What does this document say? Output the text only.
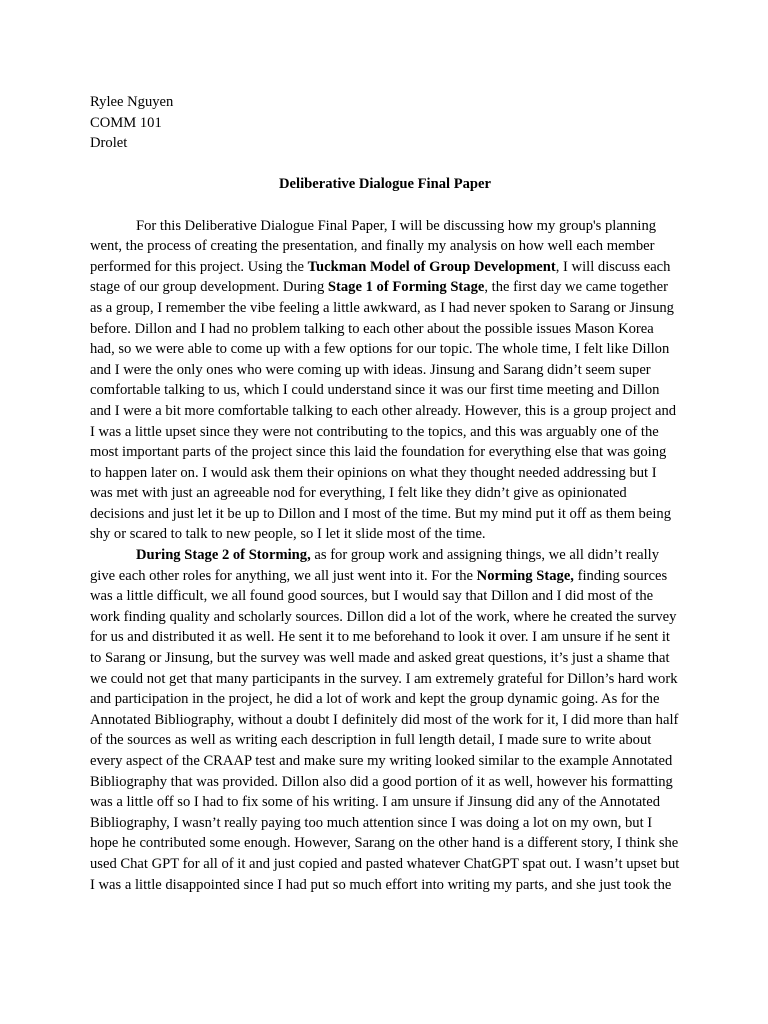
Rylee Nguyen

COMM 101

Drolet

Deliberative Dialogue Final Paper

For this Deliberative Dialogue Final Paper, I will be discussing how my group's planning went, the process of creating the presentation, and finally my analysis on how well each member performed for this project. Using the Tuckman Model of Group Development, I will discuss each stage of our group development. During Stage 1 of Forming Stage, the first day we came together as a group, I remember the vibe feeling a little awkward, as I had never spoken to Sarang or Jinsung before. Dillon and I had no problem talking to each other about the possible issues Mason Korea had, so we were able to come up with a few options for our topic. The whole time, I felt like Dillon and I were the only ones who were coming up with ideas. Jinsung and Sarang didn’t seem super comfortable talking to us, which I could understand since it was our first time meeting and Dillon and I were a bit more comfortable talking to each other already. However, this is a group project and I was a little upset since they were not contributing to the topics, and this was arguably one of the most important parts of the project since this laid the foundation for everything else that was going to happen later on. I would ask them their opinions on what they thought needed addressing but I was met with just an agreeable nod for everything, I felt like they didn’t give as opinionated decisions and just let it be up to Dillon and I most of the time. But my mind put it off as them being shy or scared to talk to new people, so I let it slide most of the time.

During Stage 2 of Storming, as for group work and assigning things, we all didn’t really give each other roles for anything, we all just went into it. For the Norming Stage, finding sources was a little difficult, we all found good sources, but I would say that Dillon and I did most of the work finding quality and scholarly sources. Dillon did a lot of the work, where he created the survey for us and distributed it as well. He sent it to me beforehand to look it over. I am unsure if he sent it to Sarang or Jinsung, but the survey was well made and asked great questions, it’s just a shame that we could not get that many participants in the survey. I am extremely grateful for Dillon’s hard work and participation in the project, he did a lot of work and kept the group dynamic going. As for the Annotated Bibliography, without a doubt I definitely did most of the work for it, I did more than half of the sources as well as writing each description in full length detail, I made sure to write about every aspect of the CRAAP test and make sure my writing looked similar to the example Annotated Bibliography that was provided. Dillon also did a good portion of it as well, however his formatting was a little off so I had to fix some of his writing. I am unsure if Jinsung did any of the Annotated Bibliography, I wasn’t really paying too much attention since I was doing a lot on my own, but I hope he contributed some enough. However, Sarang on the other hand is a different story, I think she used Chat GPT for all of it and just copied and pasted whatever ChatGPT spat out. I wasn’t upset but I was a little disappointed since I had put so much effort into writing my parts, and she just took the
